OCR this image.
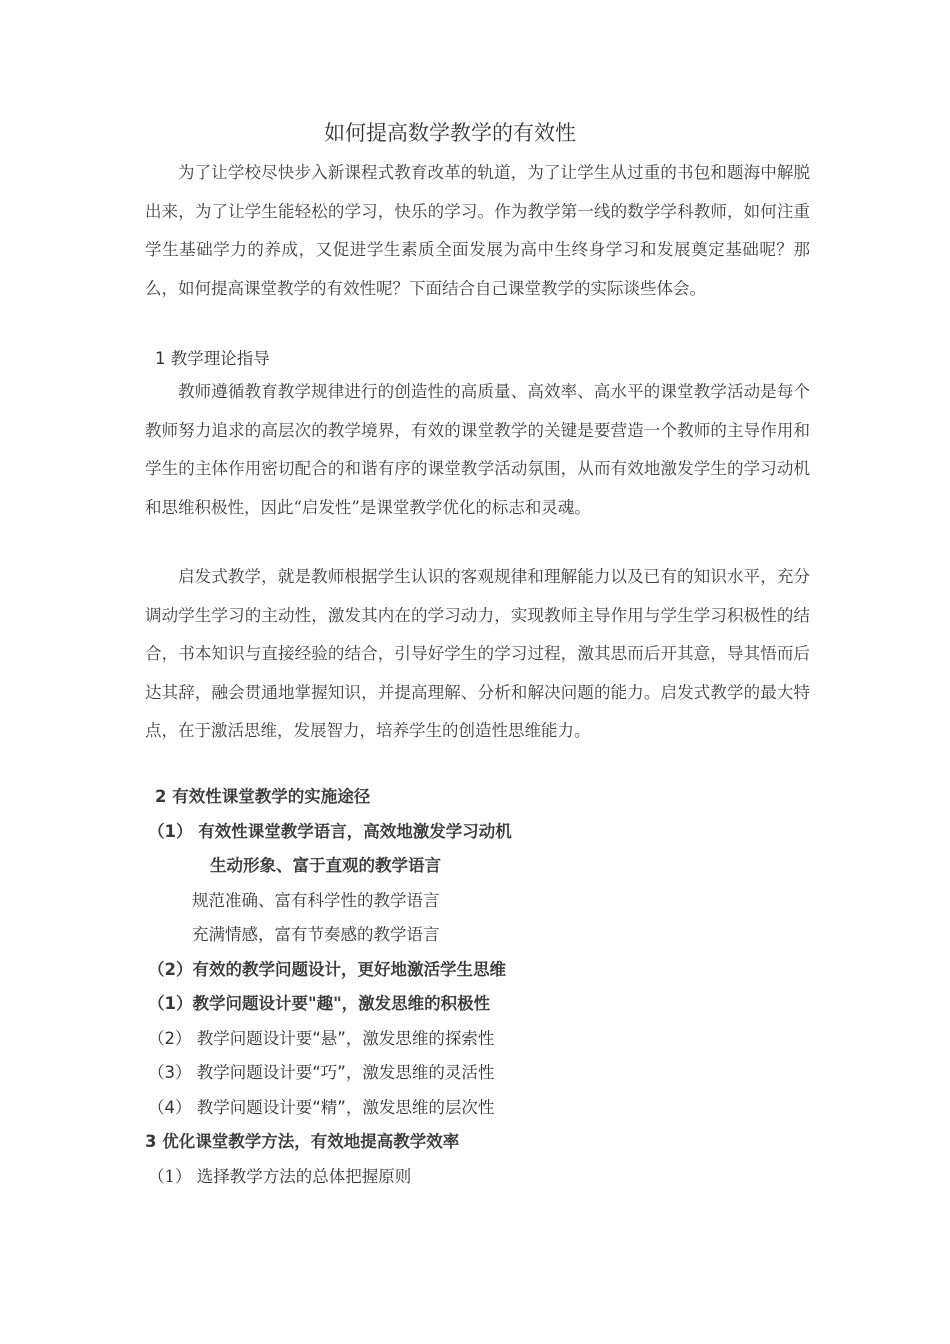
如何提高数学教学的有效性
为了让学校尽快步入新课程式教育改革的轨道，为了让学生从过重的书包和题海中解脱出来，为了让学生能轻松的学习，快乐的学习。作为教学第一线的数学学科教师，如何注重学生基础学力的养成，又促进学生素质全面发展为高中生终身学习和发展奠定基础呢？那么，如何提高课堂教学的有效性呢？下面结合自己课堂教学的实际谈些体会。
1 教学理论指导
教师遵循教育教学规律进行的创造性的高质量、高效率、高水平的课堂教学活动是每个教师努力追求的高层次的教学境界，有效的课堂教学的关键是要营造一个教师的主导作用和学生的主体作用密切配合的和谐有序的课堂教学活动氛围，从而有效地激发学生的学习动机和思维积极性，因此“启发性”是课堂教学优化的标志和灵魂。
启发式教学，就是教师根据学生认识的客观规律和理解能力以及已有的知识水平，充分调动学生学习的主动性，激发其内在的学习动力，实现教师主导作用与学生学习积极性的结合，书本知识与直接经验的结合，引导好学生的学习过程，激其思而后开其意，导其悟而后达其辞，融会贯通地掌握知识，并提高理解、分析和解决问题的能力。启发式教学的最大特点，在于激活思维，发展智力，培养学生的创造性思维能力。
2 有效性课堂教学的实施途径
（1） 有效性课堂教学语言，高效地激发学习动机
生动形象、富于直观的教学语言
规范准确、富有科学性的教学语言
充满情感，富有节奏感的教学语言
（2）有效的教学问题设计，更好地激活学生思维
（1）教学问题设计要"趣"，激发思维的积极性
（2） 教学问题设计要“悬”，激发思维的探索性
（3） 教学问题设计要“巧”，激发思维的灵活性
（4） 教学问题设计要“精”，激发思维的层次性
3 优化课堂教学方法，有效地提高教学效率
（1） 选择教学方法的总体把握原则
